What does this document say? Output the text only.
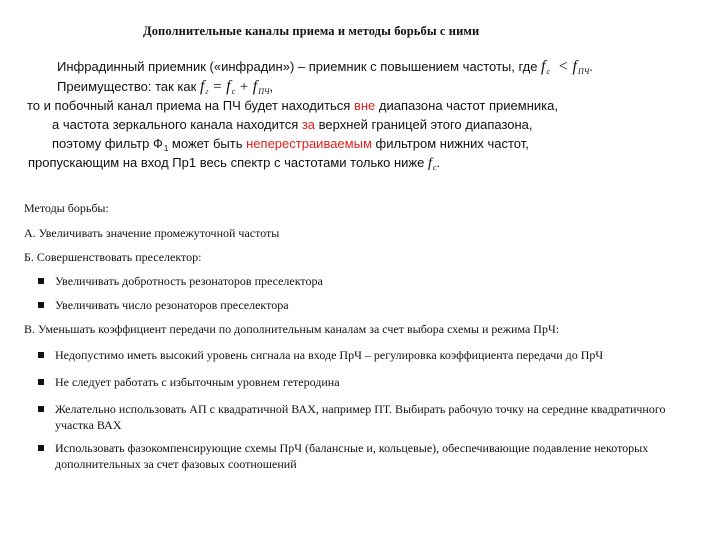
Дополнительные каналы приема и методы борьбы с ними
Инфрадинный приемник («инфрадин») – приемник с повышением частоты, где $f_c < f_{ПЧ}$.
Преимущество: так как $f_г = f_c + f_{ПЧ}$,
то и побочный канал приема на ПЧ будет находиться вне диапазона частот приемника,
а частота зеркального канала находится за верхней границей этого диапазона,
поэтому фильтр $Ф_1$ может быть неперестраиваемым фильтром нижних частот,
пропускающим на вход Пр1 весь спектр с частотами только ниже $f_c$.
Методы борьбы:
А. Увеличивать значение промежуточной частоты
Б. Совершенствовать преселектор:
Увеличивать добротность резонаторов преселектора
Увеличивать число резонаторов преселектора
В. Уменьшать коэффициент передачи по дополнительным каналам за счет выбора схемы и режима ПрЧ:
Недопустимо иметь высокий уровень сигнала на входе ПрЧ – регулировка коэффициента передачи до ПрЧ
Не следует работать с избыточным уровнем гетеродина
Желательно использовать АП с квадратичной ВАХ, например ПТ. Выбирать рабочую точку на середине квадратичного
участка ВАХ
Использовать фазокомпенсирующие схемы ПрЧ (балансные и, кольцевые), обеспечивающие подавление некоторых
дополнительных за счет фазовых соотношений
